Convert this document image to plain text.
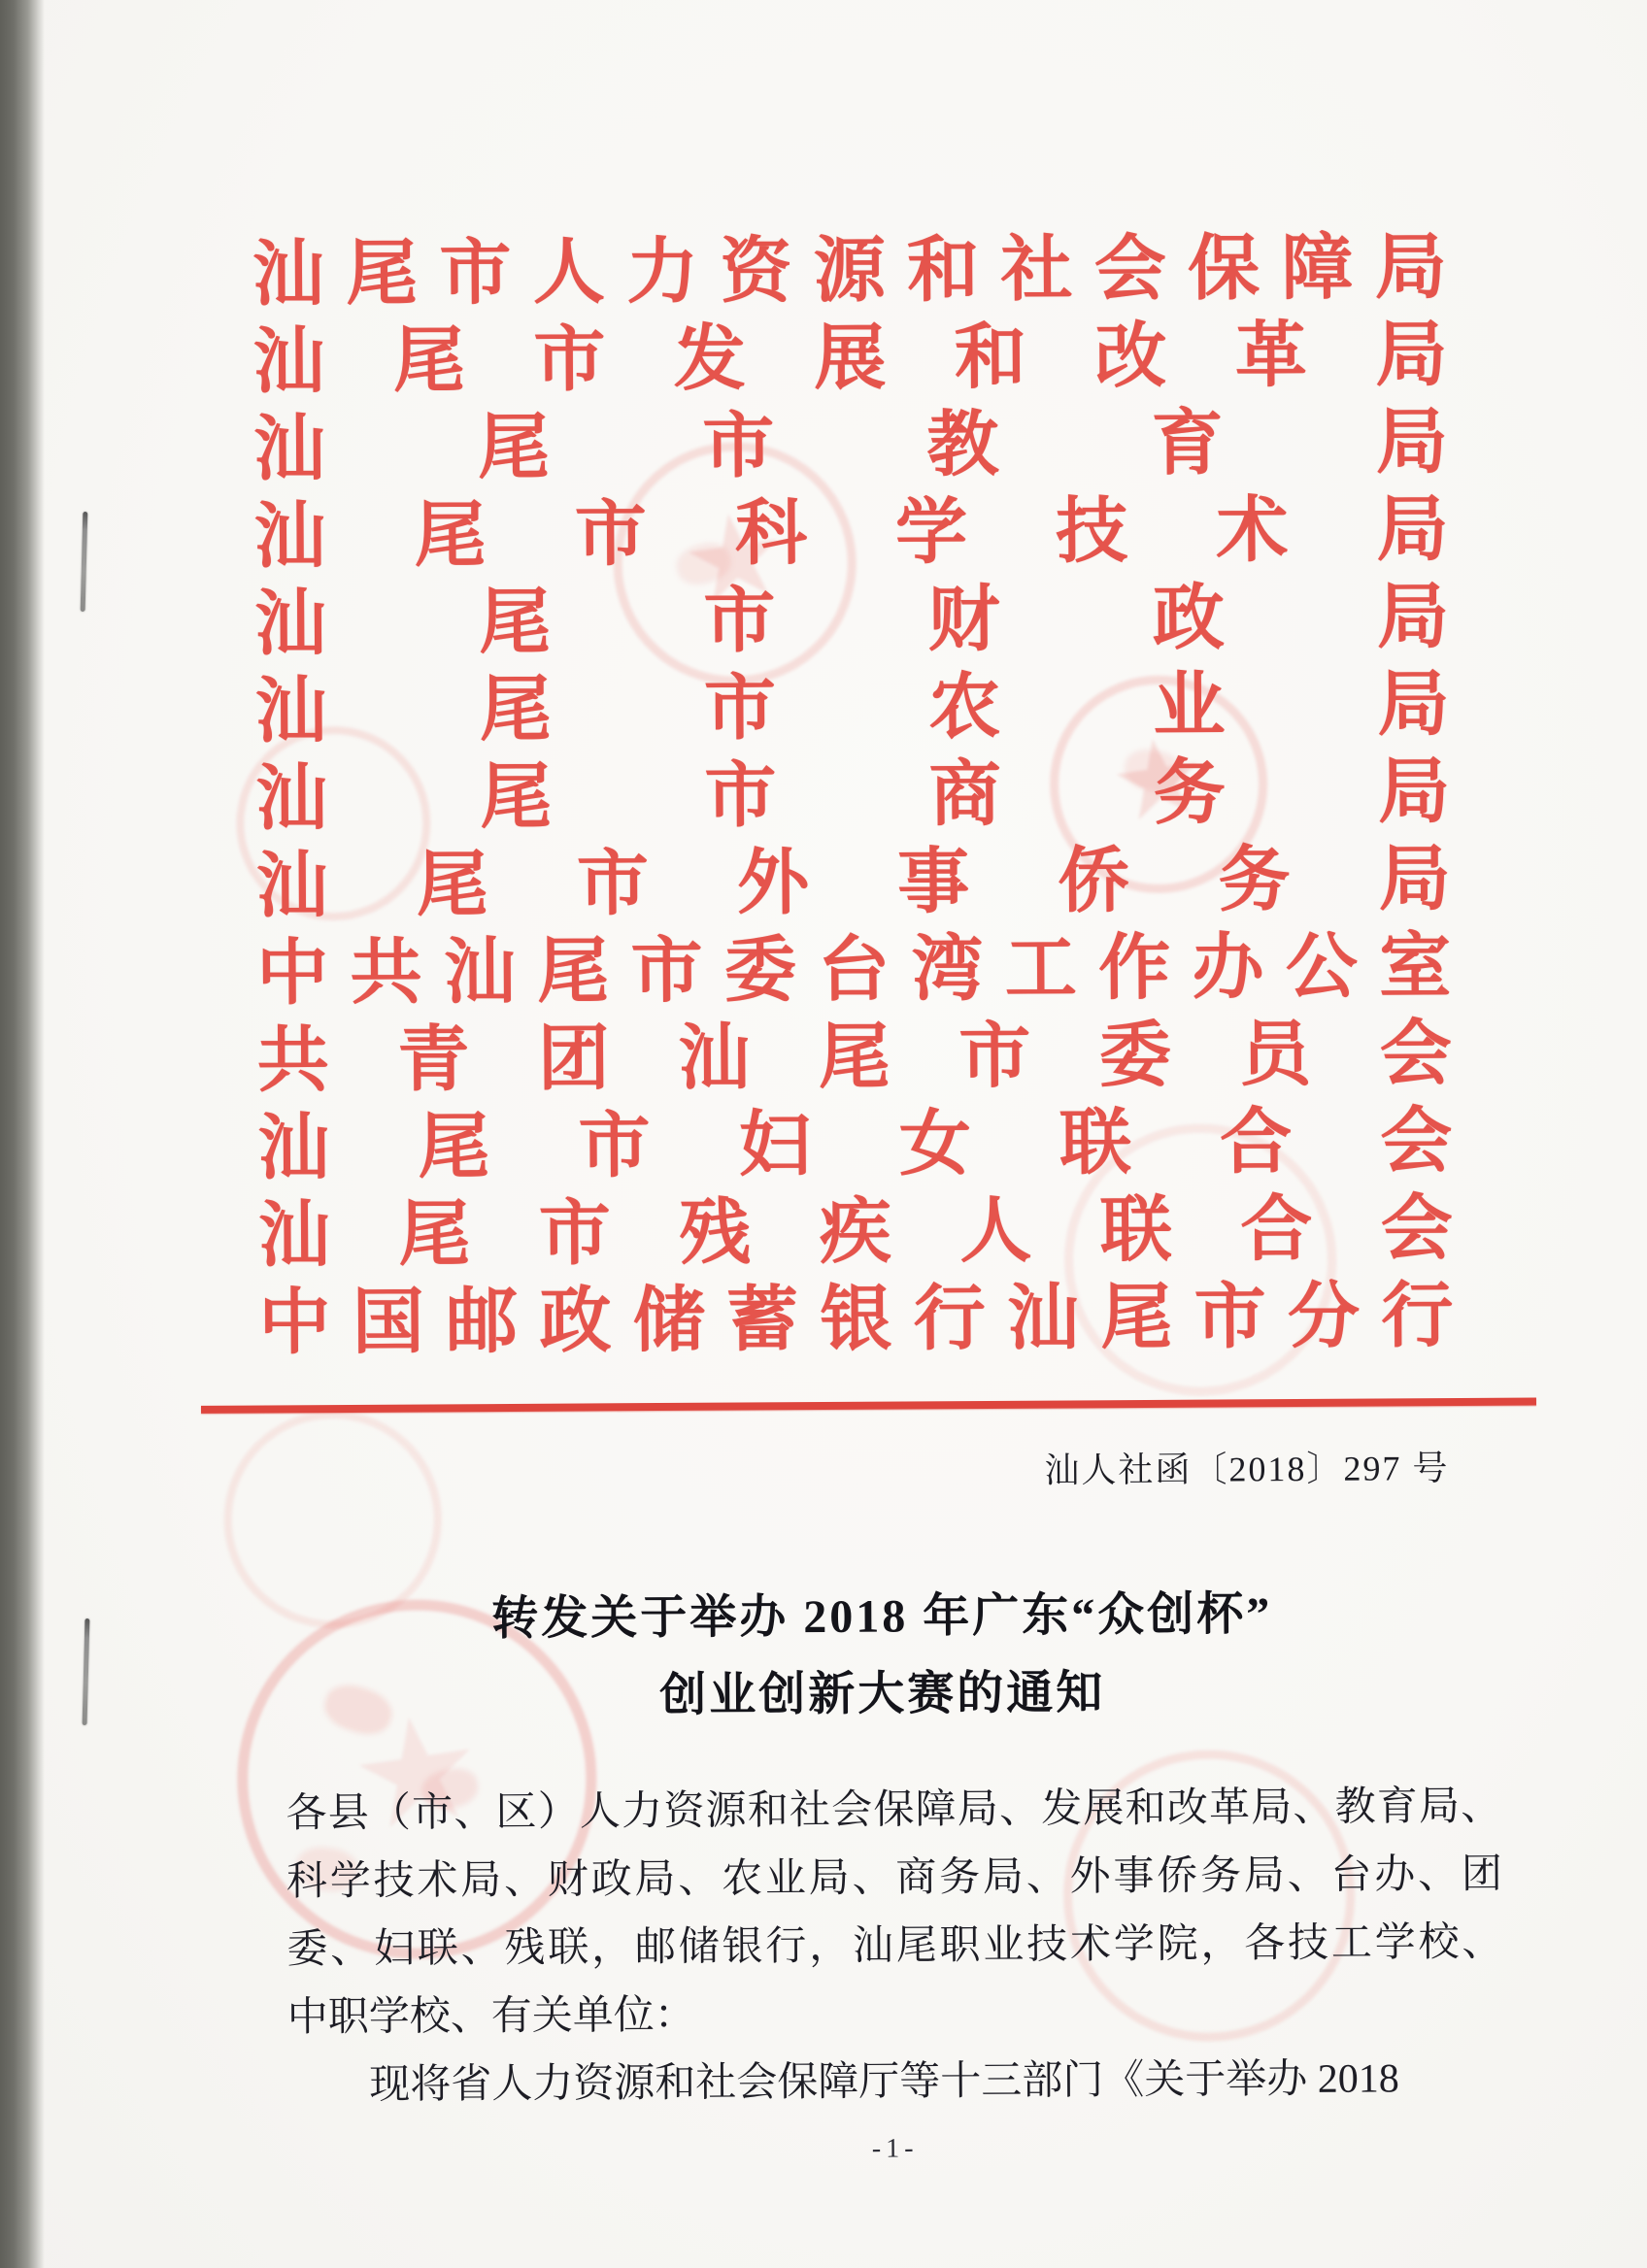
★
★
★
汕 尾 市 人 力 资 源 和 社 会 保 障 局
汕 尾 市 发 展 和 改 革 局
汕 尾 市 教 育 局
汕 尾 市 科 学 技 术 局
汕 尾 市 财 政 局
汕 尾 市 农 业 局
汕 尾 市 商 务 局
汕 尾 市 外 事 侨 务 局
中 共 汕 尾 市 委 台 湾 工 作 办 公 室
共 青 团 汕 尾 市 委 员 会
汕 尾 市 妇 女 联 合 会
汕 尾 市 残 疾 人 联 合 会
中 国 邮 政 储 蓄 银 行 汕 尾 市 分 行
汕人社函〔2018〕297 号
转发关于举办 2018 年广东“众创杯”
创业创新大赛的通知
各 县 （ 市 、 区 ） 人 力 资 源 和 社 会 保 障 局 、 发 展 和 改 革 局 、 教 育 局 、
科 学 技 术 局 、 财 政 局 、 农 业 局 、 商 务 局 、 外 事 侨 务 局 、 台 办 、 团
委 、 妇 联 、 残 联 ， 邮 储 银 行 ， 汕 尾 职 业 技 术 学 院 ， 各 技 工 学 校 、
中职学校、有关单位：
现将省人力资源和社会保障厅等十三部门《关于举办 2018
-1-
